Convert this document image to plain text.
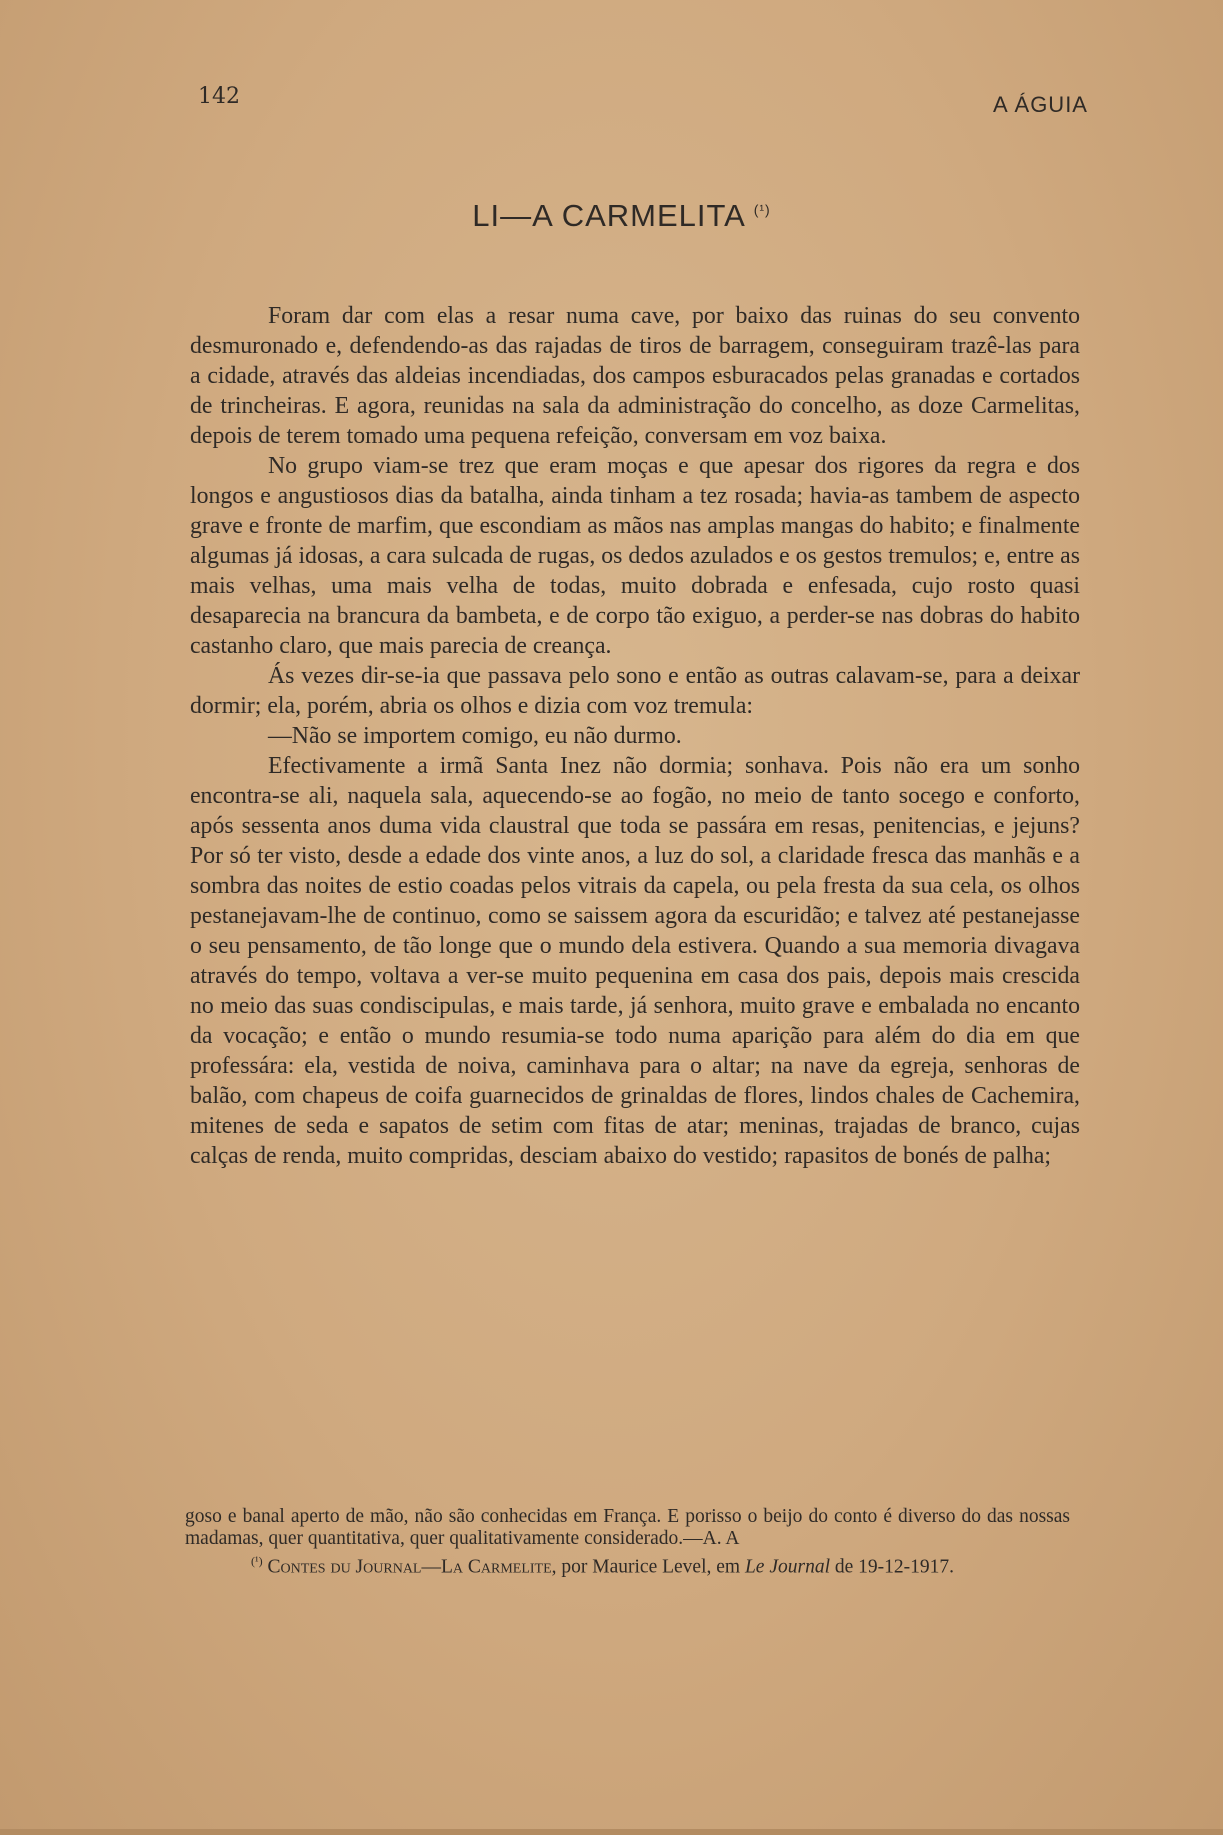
142	A ÁGUIA
LI—A CARMELITA $^{(^1)}$

Foram dar com elas a resar numa cave, por baixo das ruinas do seu convento desmuronado e, defendendo-as das rajadas de tiros de barragem, conseguiram trazê-las para a cidade, através das aldeias incendiadas, dos campos esburacados pelas granadas e cortados de trincheiras. E agora, reunidas na sala da administração do concelho, as doze Carmelitas, depois de terem tomado uma pequena refeição, conversam em voz baixa.

No grupo viam-se trez que eram moças e que apesar dos rigores da regra e dos longos e angustiosos dias da batalha, ainda tinham a tez rosada; havia-as tambem de aspecto grave e fronte de marfim, que escondiam as mãos nas amplas mangas do habito; e finalmente algumas já idosas, a cara sulcada de rugas, os dedos azulados e os gestos tremulos; e, entre as mais velhas, uma mais velha de todas, muito dobrada e enfesada, cujo rosto quasi desaparecia na brancura da bambeta, e de corpo tão exiguo, a perder-se nas dobras do habito castanho claro, que mais parecia de creança.

Ás vezes dir-se-ia que passava pelo sono e então as outras calavam-se, para a deixar dormir; ela, porém, abria os olhos e dizia com voz tremula:

—Não se importem comigo, eu não durmo.

Efectivamente a irmã Santa Inez não dormia; sonhava. Pois não era um sonho encontra-se ali, naquela sala, aquecendo-se ao fogão, no meio de tanto socego e conforto, após sessenta anos duma vida claustral que toda se passára em resas, penitencias, e jejuns? Por só ter visto, desde a edade dos vinte anos, a luz do sol, a claridade fresca das manhãs e a sombra das noites de estio coadas pelos vitrais da capela, ou pela fresta da sua cela, os olhos pestanejavam-lhe de continuo, como se saissem agora da escuridão; e talvez até pestanejasse o seu pensamento, de tão longe que o mundo dela estivera. Quando a sua memoria divagava através do tempo, voltava a ver-se muito pequenina em casa dos pais, depois mais crescida no meio das suas condiscipulas, e mais tarde, já senhora, muito grave e embalada no encanto da vocação; e então o mundo resumia-se todo numa aparição para além do dia em que professára: ela, vestida de noiva, caminhava para o altar; na nave da egreja, senhoras de balão, com chapeus de coifa guarnecidos de grinaldas de flores, lindos chales de Cachemira, mitenes de seda e sapatos de setim com fitas de atar; meninas, trajadas de branco, cujas calças de renda, muito compridas, desciam abaixo do vestido; rapasitos de bonés de palha;

goso e banal aperto de mão, não são conhecidas em França. E porisso o beijo do conto é diverso do das nossas madamas, quer quantitativa, quer qualitativamente considerado.—A. A

$^{(^1)}$ Contes du Journal—La Carmelite, por Maurice Level, em Le Journal de 19-12-1917.
